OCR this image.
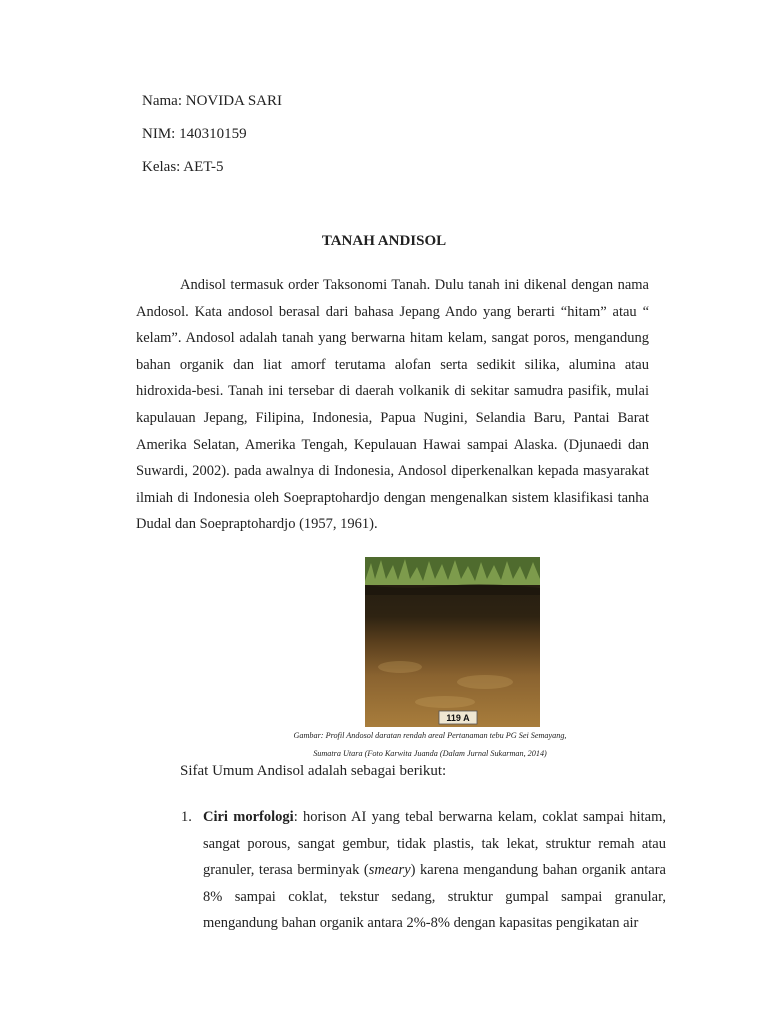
Nama: NOVIDA SARI

NIM: 140310159

Kelas: AET-5

TANAH ANDISOL

Andisol termasuk order Taksonomi Tanah. Dulu tanah ini dikenal dengan nama Andosol. Kata andosol berasal dari bahasa Jepang Ando yang berarti “hitam” atau “ kelam”. Andosol adalah tanah yang berwarna hitam kelam, sangat poros, mengandung bahan organik dan liat amorf terutama alofan serta sedikit silika, alumina atau hidroxida-besi. Tanah ini tersebar di daerah volkanik di sekitar samudra pasifik, mulai kapulauan Jepang, Filipina, Indonesia, Papua Nugini, Selandia Baru, Pantai Barat Amerika Selatan, Amerika Tengah, Kepulauan Hawai sampai Alaska. (Djunaedi dan Suwardi, 2002). pada awalnya di Indonesia, Andosol diperkenalkan kepada masyarakat ilmiah di Indonesia oleh Soepraptohardjo dengan mengenalkan sistem klasifikasi tanha Dudal dan Soepraptohardjo (1957, 1961).

119 A
Gambar: Profil Andosol daratan rendah areal Pertanaman tebu PG Sei Semayang,
Sumatra Utara (Foto Karwita Juanda (Dalam Jurnal Sukarman, 2014)

Sifat Umum Andisol adalah sebagai berikut:

1. Ciri morfologi: horison AI yang tebal berwarna kelam, coklat sampai hitam, sangat porous, sangat gembur, tidak plastis, tak lekat, struktur remah atau granuler, terasa berminyak (smeary) karena mengandung bahan organik antara 8% sampai coklat, tekstur sedang, struktur gumpal sampai granular, mengandung bahan organik antara 2%-8% dengan kapasitas pengikatan air
